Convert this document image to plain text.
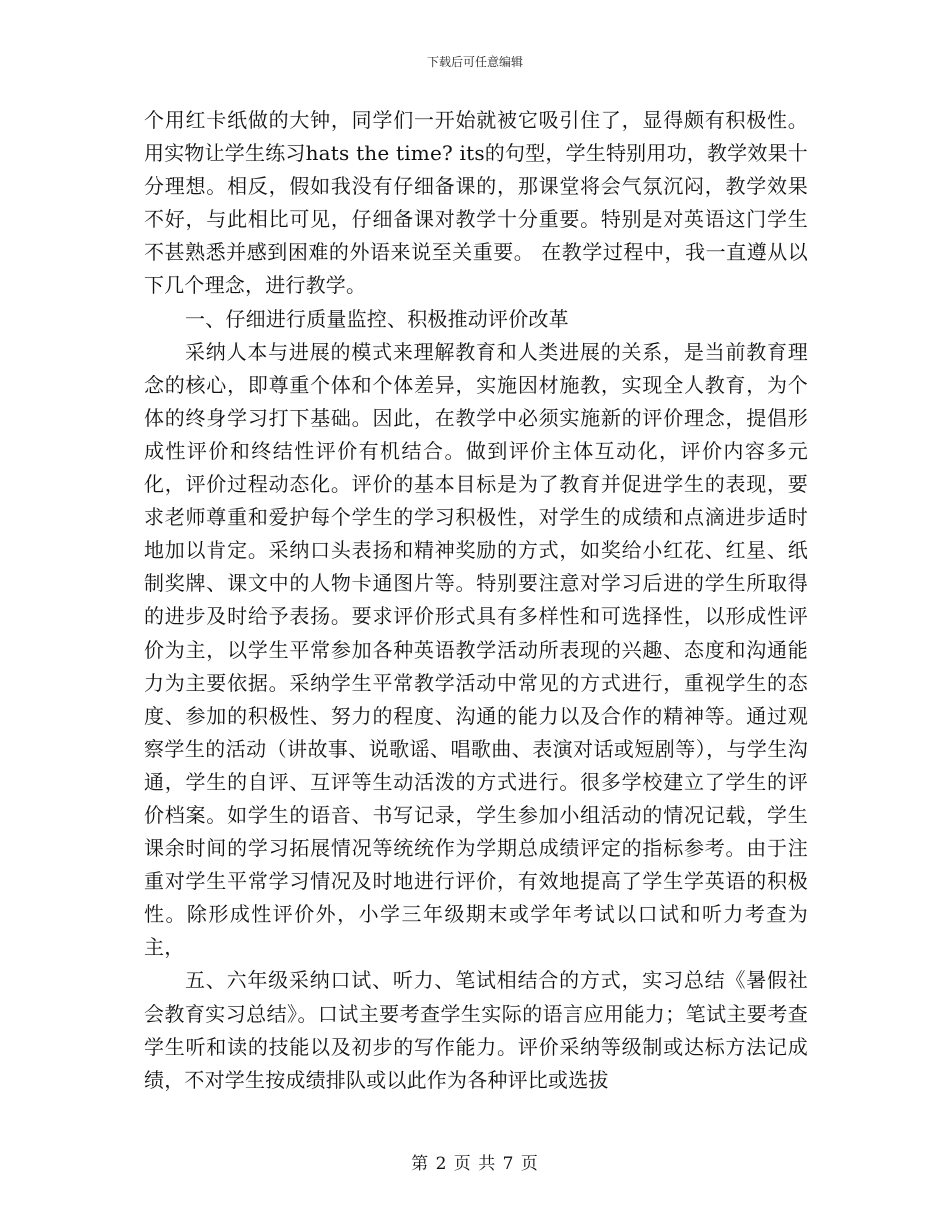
下载后可任意编辑

个用红卡纸做的大钟，同学们一开始就被它吸引住了，显得颇有积极性。用实物让学生练习hats the time? its的句型，学生特别用功，教学效果十分理想。相反，假如我没有仔细备课的，那课堂将会气氛沉闷，教学效果不好，与此相比可见，仔细备课对教学十分重要。特别是对英语这门学生不甚熟悉并感到困难的外语来说至关重要。 在教学过程中，我一直遵从以下几个理念，进行教学。

一、仔细进行质量监控、积极推动评价改革

采纳人本与进展的模式来理解教育和人类进展的关系，是当前教育理念的核心，即尊重个体和个体差异，实施因材施教，实现全人教育，为个体的终身学习打下基础。因此，在教学中必须实施新的评价理念，提倡形成性评价和终结性评价有机结合。做到评价主体互动化，评价内容多元化，评价过程动态化。评价的基本目标是为了教育并促进学生的表现，要求老师尊重和爱护每个学生的学习积极性，对学生的成绩和点滴进步适时地加以肯定。采纳口头表扬和精神奖励的方式，如奖给小红花、红星、纸制奖牌、课文中的人物卡通图片等。特别要注意对学习后进的学生所取得的进步及时给予表扬。要求评价形式具有多样性和可选择性，以形成性评价为主，以学生平常参加各种英语教学活动所表现的兴趣、态度和沟通能力为主要依据。采纳学生平常教学活动中常见的方式进行，重视学生的态度、参加的积极性、努力的程度、沟通的能力以及合作的精神等。通过观察学生的活动（讲故事、说歌谣、唱歌曲、表演对话或短剧等），与学生沟通，学生的自评、互评等生动活泼的方式进行。很多学校建立了学生的评价档案。如学生的语音、书写记录，学生参加小组活动的情况记载，学生课余时间的学习拓展情况等统统作为学期总成绩评定的指标参考。由于注重对学生平常学习情况及时地进行评价，有效地提高了学生学英语的积极性。除形成性评价外，小学三年级期末或学年考试以口试和听力考查为主，

五、六年级采纳口试、听力、笔试相结合的方式，实习总结《暑假社会教育实习总结》。口试主要考查学生实际的语言应用能力；笔试主要考查学生听和读的技能以及初步的写作能力。评价采纳等级制或达标方法记成绩，不对学生按成绩排队或以此作为各种评比或选拔

第 2 页 共 7 页
